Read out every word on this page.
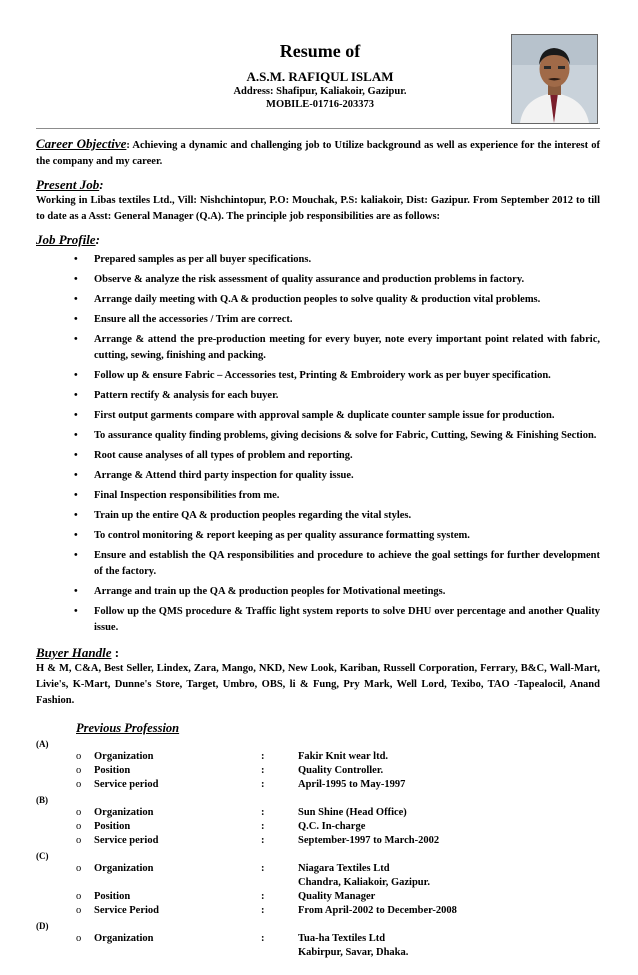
Resume of
A.S.M. RAFIQUL ISLAM
Address: Shafipur, Kaliakoir, Gazipur.
MOBILE-01716-203373

Career Objective: Achieving a dynamic and challenging job to Utilize background as well as experience for the interest of the company and my career.

Present Job:

Working in Libas textiles Ltd., Vill: Nishchintopur, P.O: Mouchak, P.S: kaliakoir, Dist: Gazipur. From September 2012 to till to date as a Asst: General Manager (Q.A). The principle job responsibilities are as follows:

Job Profile:
• Prepared samples as per all buyer specifications.
• Observe & analyze the risk assessment of quality assurance and production problems in factory.
• Arrange daily meeting with Q.A & production peoples to solve quality & production vital problems.
• Ensure all the accessories / Trim are correct.
• Arrange & attend the pre-production meeting for every buyer, note every important point related with fabric, cutting, sewing, finishing and packing.
• Follow up & ensure Fabric – Accessories test, Printing & Embroidery work as per buyer specification.
• Pattern rectify & analysis for each buyer.
• First output garments compare with approval sample & duplicate counter sample issue for production.
• To assurance quality finding problems, giving decisions & solve for Fabric, Cutting, Sewing & Finishing Section.
• Root cause analyses of all types of problem and reporting.
• Arrange & Attend third party inspection for quality issue.
• Final Inspection responsibilities from me.
• Train up the entire QA & production peoples regarding the vital styles.
• To control monitoring & report keeping as per quality assurance formatting system.
• Ensure and establish the QA responsibilities and procedure to achieve the goal settings for further development of the factory.
• Arrange and train up the QA & production peoples for Motivational meetings.
• Follow up the QMS procedure & Traffic light system reports to solve DHU over percentage and another Quality issue.
Buyer Handle :

H & M, C&A, Best Seller, Lindex, Zara, Mango, NKD, New Look, Kariban, Russell Corporation, Ferrary, B&C, Wall-Mart, Livie's, K-Mart, Dunne's Store, Target, Umbro, OBS, li & Fung, Pry Mark, Well Lord, Texibo, TAO -Tapealocil, Anand Fashion.

Previous Profession
(A)
o Organization	:	Fakir Knit wear ltd.
o Position	:	Quality Controller.
o Service period	:	April-1995 to May-1997
(B)
o Organization	:	Sun Shine (Head Office)
o Position	:	Q.C. In-charge
o Service period	:	September-1997 to March-2002
(C)
o Organization	:	Niagara Textiles Ltd
Chandra, Kaliakoir, Gazipur.
o Position	:	Quality Manager
o Service Period	:	From April-2002 to December-2008
(D)
o Organization	:	Tua-ha Textiles Ltd
Kabirpur, Savar, Dhaka.
